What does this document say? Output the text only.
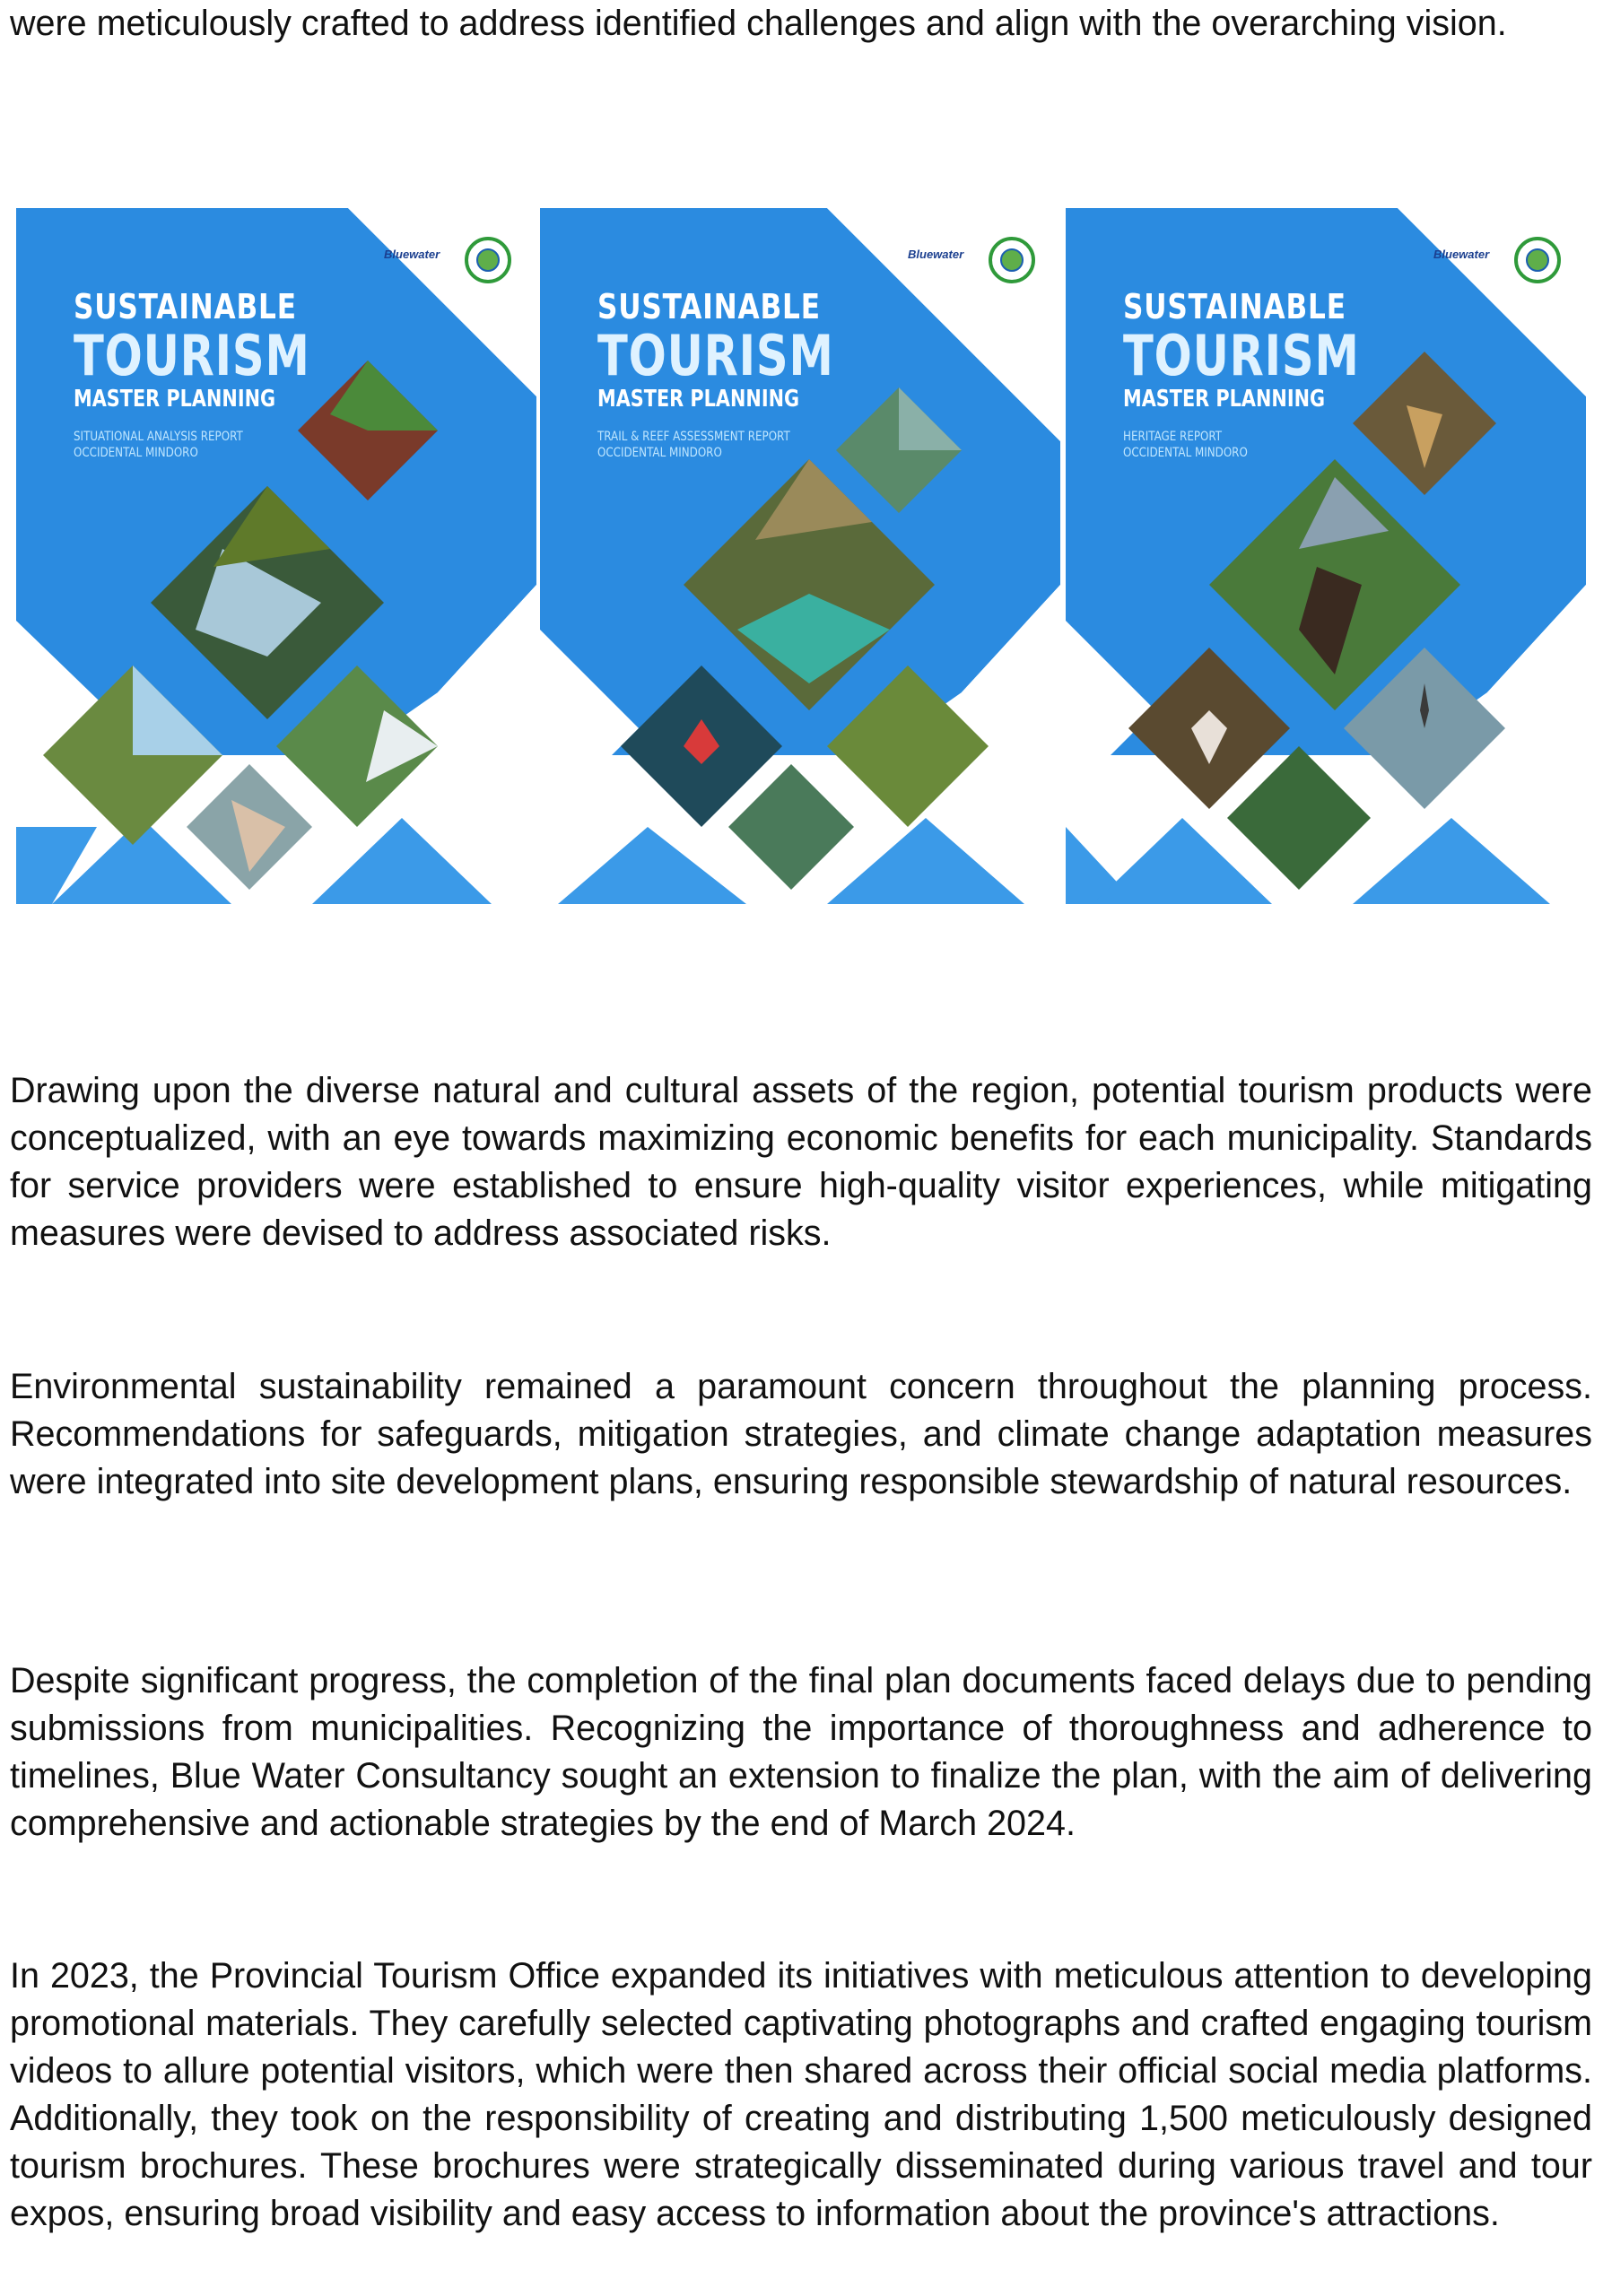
were meticulously crafted to address identified challenges and align with the overarching vision.

Bluewater

SUSTAINABLE

TOURISM

MASTER PLANNING

SITUATIONAL ANALYSIS REPORT
OCCIDENTAL MINDORO
Bluewater

SUSTAINABLE

TOURISM

MASTER PLANNING

TRAIL & REEF ASSESSMENT REPORT
OCCIDENTAL MINDORO
Bluewater

SUSTAINABLE

TOURISM

MASTER PLANNING

HERITAGE REPORT
OCCIDENTAL MINDORO

Drawing upon the diverse natural and cultural assets of the region, potential tourism products were conceptualized, with an eye towards maximizing economic benefits for each municipality. Standards for service providers were established to ensure high-quality visitor experiences, while mitigating measures were devised to address associated risks.

Environmental sustainability remained a paramount concern throughout the planning process. Recommendations for safeguards, mitigation strategies, and climate change adaptation measures were integrated into site development plans, ensuring responsible stewardship of natural resources.

Despite significant progress, the completion of the final plan documents faced delays due to pending submissions from municipalities. Recognizing the importance of thoroughness and adherence to timelines, Blue Water Consultancy sought an extension to finalize the plan, with the aim of delivering comprehensive and actionable strategies by the end of March 2024.

In 2023, the Provincial Tourism Office expanded its initiatives with meticulous attention to developing promotional materials. They carefully selected captivating photographs and crafted engaging tourism videos to allure potential visitors, which were then shared across their official social media platforms. Additionally, they took on the responsibility of creating and distributing 1,500 meticulously designed tourism brochures. These brochures were strategically disseminated during various travel and tour expos, ensuring broad visibility and easy access to information about the province's attractions.
